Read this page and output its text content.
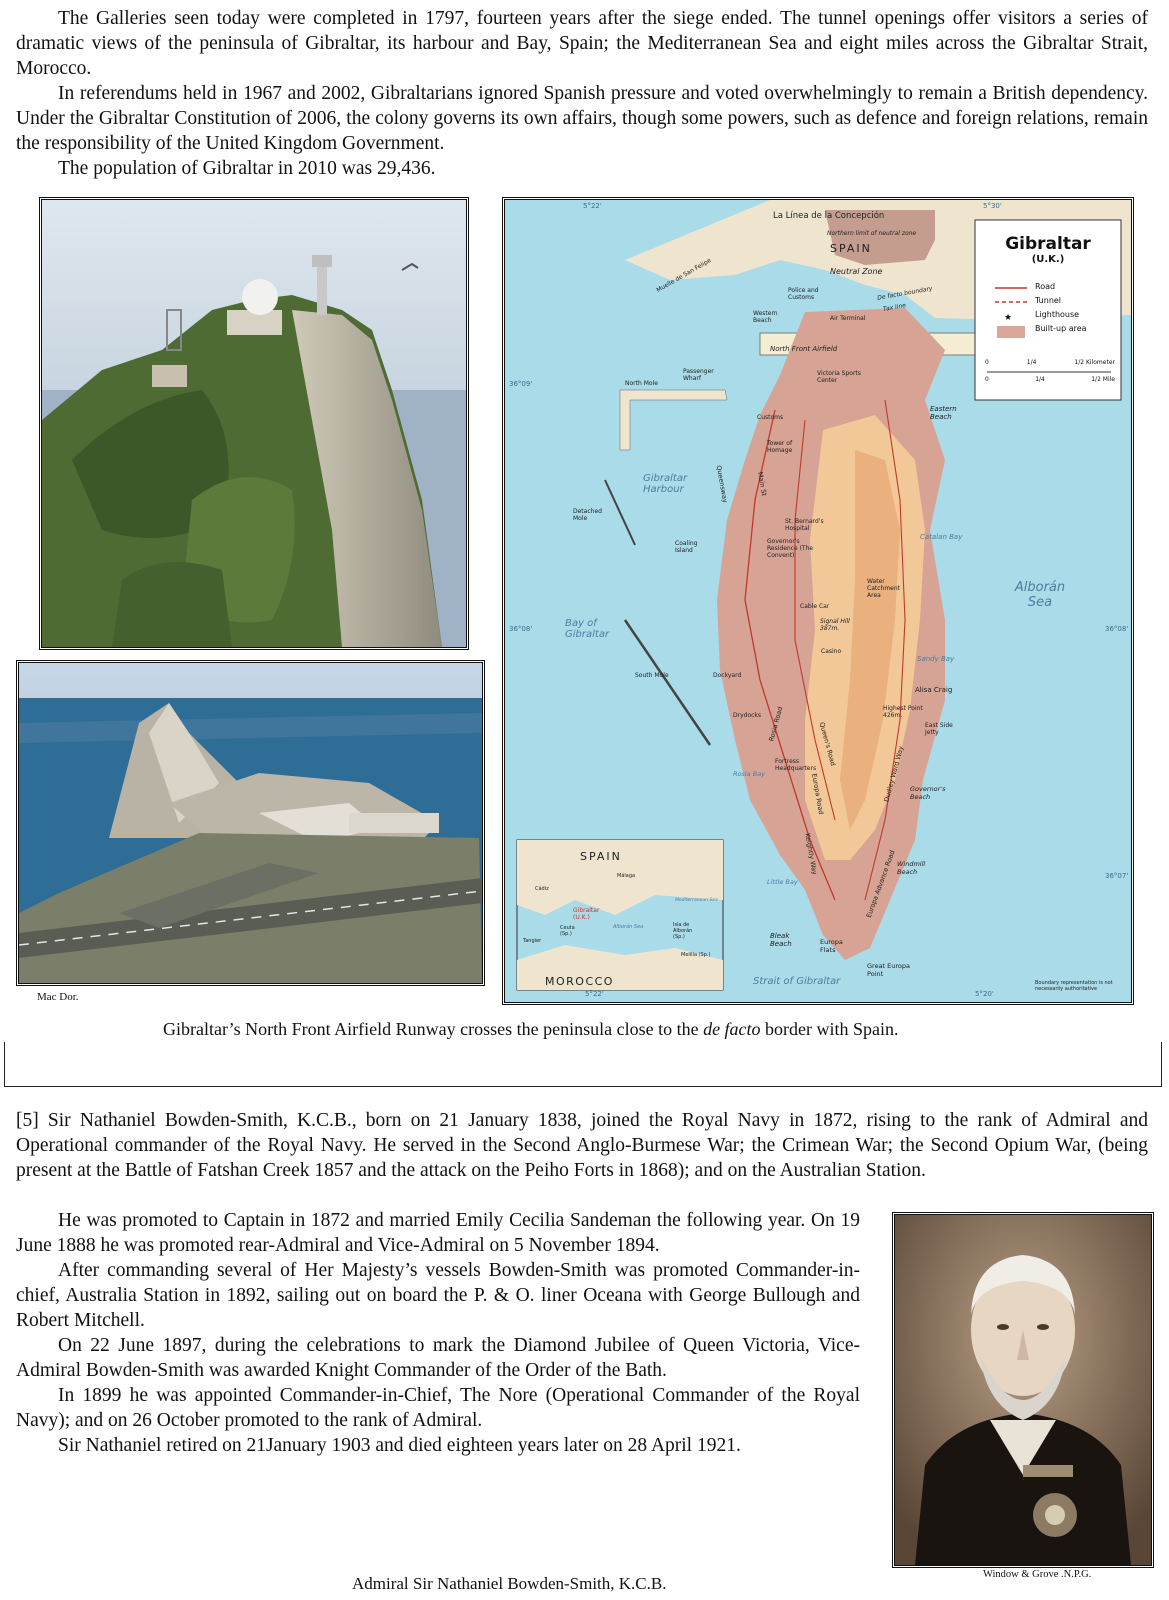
The Galleries seen today were completed in 1797, fourteen years after the siege ended. The tunnel openings offer visitors a series of dramatic views of the peninsula of Gibraltar, its harbour and Bay, Spain; the Mediterranean Sea and eight miles across the Gibraltar Strait, Morocco.

In referendums held in 1967 and 2002, Gibraltarians ignored Spanish pressure and voted overwhelmingly to remain a British dependency. Under the Gibraltar Constitution of 2006, the colony governs its own affairs, though some powers, such as defence and foreign relations, remain the responsibility of the United Kingdom Government.

The population of Gibraltar in 2010 was 29,436.

Mac Dor.
★
Gibraltar
(U.K.)
Road
Tunnel
Lighthouse
Built-up area
0	1/4	1/2 Kilometer
0	1/4	1/2 Mile
5°22'	5°30'
36°09'
36°08'	36°08'
36°07'
5°22'	5°20'
La Línea de la Concepción
Northern limit of neutral zone
SPAIN
Neutral Zone
Muelle de San Felipe	Police and Customs	De facto boundary
Tax line
Western Beach	Air Terminal
North Front Airfield
Passenger Wharf
North Mole
Victoria Sports Center
Customs
Eastern Beach
Tower of Homage
Gibraltar Harbour	Queensway	Main St
St. Bernard's Hospital
Detached Mole
Coaling Island
Governor's Residence (The Convent)
Catalan Bay
Water Catchment Area
Alborán Sea
Cable Car
Signal Hill 387m.
Bay of Gibraltar
Casino
Sandy Bay
South Mole	Dockyard
Alisa Craig
Highest Point 426m.
East Side Jetty
Drydocks Rosia Road	Queen's Road
Europa Road
Fortress Headquarters
Rosia Bay	Dudley Ward Way Governor's Beach
Keightly Way	Windmill Beach
Little Bay	Europa Advance Road
Bleak Beach	Europa Flats
Great Europa Point
Strait of Gibraltar	Boundary representation is not necessarily authoritative
SPAIN
MOROCCO
Málaga
Cádiz
Gibraltar (U.K.)
Ceuta (Sp.)
Tangier
Alborán Sea
Mediterranean Sea
Isla de Alborán (Sp.)
Melilla (Sp.)
Gibraltar’s North Front Airfield Runway crosses the peninsula close to the de facto border with Spain.

[5] Sir Nathaniel Bowden-Smith, K.C.B., born on 21 January 1838, joined the Royal Navy in 1872, rising to the rank of Admiral and Operational commander of the Royal Navy. He served in the Second Anglo-Burmese War; the Crimean War; the Second Opium War, (being present at the Battle of Fatshan Creek 1857 and the attack on the Peiho Forts in 1868); and on the Australian Station.

He was promoted to Captain in 1872 and married Emily Cecilia Sandeman the following year. On 19 June 1888 he was promoted rear-Admiral and Vice-Admiral on 5 November 1894.

After commanding several of Her Majesty’s vessels Bowden-Smith was promoted Commander-in-chief, Australia Station in 1892, sailing out on board the P. & O. liner Oceana with George Bullough and Robert Mitchell.

On 22 June 1897, during the celebrations to mark the Diamond Jubilee of Queen Victoria, Vice-Admiral Bowden-Smith was awarded Knight Commander of the Order of the Bath.

In 1899 he was appointed Commander-in-Chief, The Nore (Operational Commander of the Royal Navy); and on 26 October promoted to the rank of Admiral.

Sir Nathaniel retired on 21January 1903 and died eighteen years later on 28 April 1921.

Window & Grove .N.P.G.
Admiral Sir Nathaniel Bowden-Smith, K.C.B.
